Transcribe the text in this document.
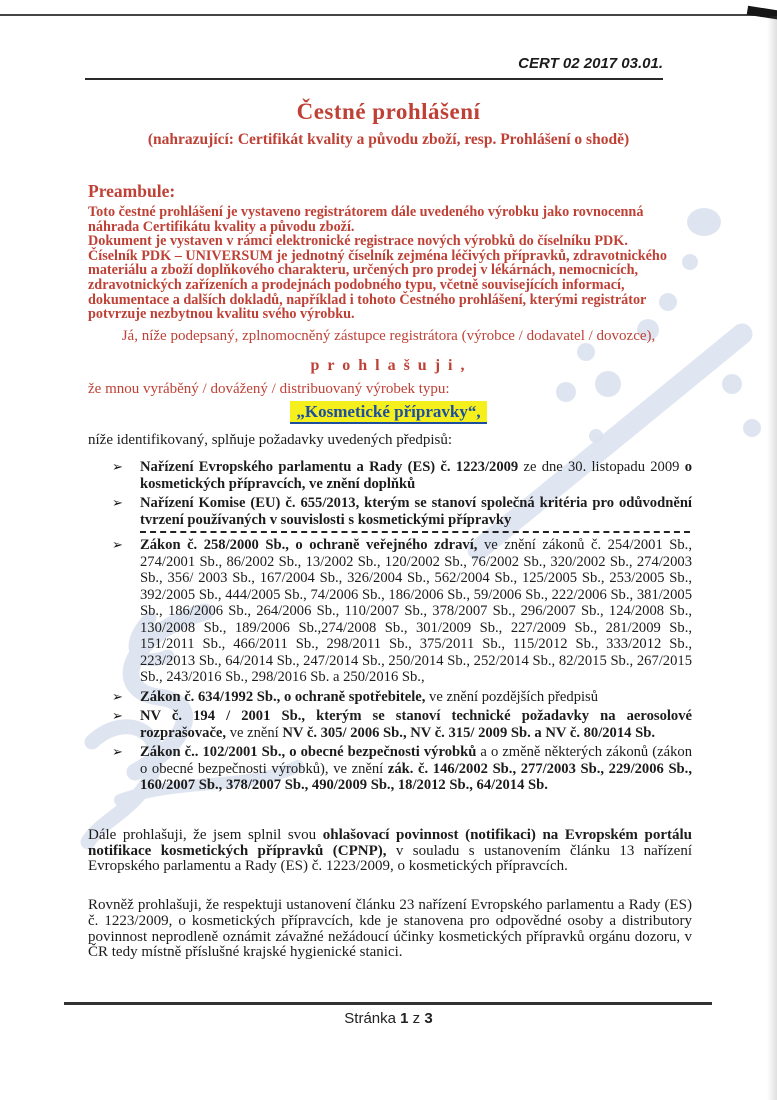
CERT 02 2017 03.01.
Čestné prohlášení
(nahrazující: Certifikát kvality a původu zboží, resp. Prohlášení o shodě)
Preambule:

Toto čestné prohlášení je vystaveno registrátorem dále uvedeného výrobku jako rovnocenná náhrada Certifikátu kvality a původu zboží.

Dokument je vystaven v rámci elektronické registrace nových výrobků do číselníku PDK.

Číselník PDK – UNIVERSUM je jednotný číselník zejména léčivých přípravků, zdravotnického materiálu a zboží doplňkového charakteru, určených pro prodej v lékárnách, nemocnicích, zdravotnických zařízeních a prodejnách podobného typu, včetně souvisejících informací, dokumentace a dalších dokladů, například i tohoto Čestného prohlášení, kterými registrátor potvrzuje nezbytnou kvalitu svého výrobku.

Já, níže podepsaný, zplnomocněný zástupce registrátora (výrobce / dodavatel / dovozce),
p r o h l a š u j i ,
že mnou vyráběný / dovážený / distribuovaný výrobek typu:
„Kosmetické přípravky“,
níže identifikovaný, splňuje požadavky uvedených předpisů:
➢ Nařízení Evropského parlamentu a Rady (ES) č. 1223/2009 ze dne 30. listopadu 2009 o kosmetických přípravcích, ve znění doplňků
➢ Nařízení Komise (EU) č. 655/2013, kterým se stanoví společná kritéria pro odůvodnění tvrzení používaných v souvislosti s kosmetickými přípravky
➢ Zákon č. 258/2000 Sb., o ochraně veřejného zdraví, ve znění zákonů č. 254/2001 Sb., 274/2001 Sb., 86/2002 Sb., 13/2002 Sb., 120/2002 Sb., 76/2002 Sb., 320/2002 Sb., 274/2003 Sb., 356/ 2003 Sb., 167/2004 Sb., 326/2004 Sb., 562/2004 Sb., 125/2005 Sb., 253/2005 Sb., 392/2005 Sb., 444/2005 Sb., 74/2006 Sb., 186/2006 Sb., 59/2006 Sb., 222/2006 Sb., 381/2005 Sb., 186/2006 Sb., 264/2006 Sb., 110/2007 Sb., 378/2007 Sb., 296/2007 Sb., 124/2008 Sb., 130/2008 Sb., 189/2006 Sb.,274/2008 Sb., 301/2009 Sb., 227/2009 Sb., 281/2009 Sb., 151/2011 Sb., 466/2011 Sb., 298/2011 Sb., 375/2011 Sb., 115/2012 Sb., 333/2012 Sb., 223/2013 Sb., 64/2014 Sb., 247/2014 Sb., 250/2014 Sb., 252/2014 Sb., 82/2015 Sb., 267/2015 Sb., 243/2016 Sb., 298/2016 Sb. a 250/2016 Sb.,
➢ Zákon č. 634/1992 Sb., o ochraně spotřebitele, ve znění pozdějších předpisů
➢ NV č. 194 / 2001 Sb., kterým se stanoví technické požadavky na aerosolové rozprašovače, ve znění NV č. 305/ 2006 Sb., NV č. 315/ 2009 Sb. a NV č. 80/2014 Sb.
➢ Zákon č.. 102/2001 Sb., o obecné bezpečnosti výrobků a o změně některých zákonů (zákon o obecné bezpečnosti výrobků), ve znění zák. č. 146/2002 Sb., 277/2003 Sb., 229/2006 Sb., 160/2007 Sb., 378/2007 Sb., 490/2009 Sb., 18/2012 Sb., 64/2014 Sb.
Dále prohlašuji, že jsem splnil svou ohlašovací povinnost (notifikaci) na Evropském portálu notifikace kosmetických přípravků (CPNP), v souladu s ustanovením článku 13 nařízení Evropského parlamentu a Rady (ES) č. 1223/2009, o kosmetických přípravcích.
Rovněž prohlašuji, že respektuji ustanovení článku 23 nařízení Evropského parlamentu a Rady (ES) č. 1223/2009, o kosmetických přípravcích, kde je stanovena pro odpovědné osoby a distributory povinnost neprodleně oznámit závažné nežádoucí účinky kosmetických přípravků orgánu dozoru, v ČR tedy místně příslušné krajské hygienické stanici.
Stránka 1 z 3
